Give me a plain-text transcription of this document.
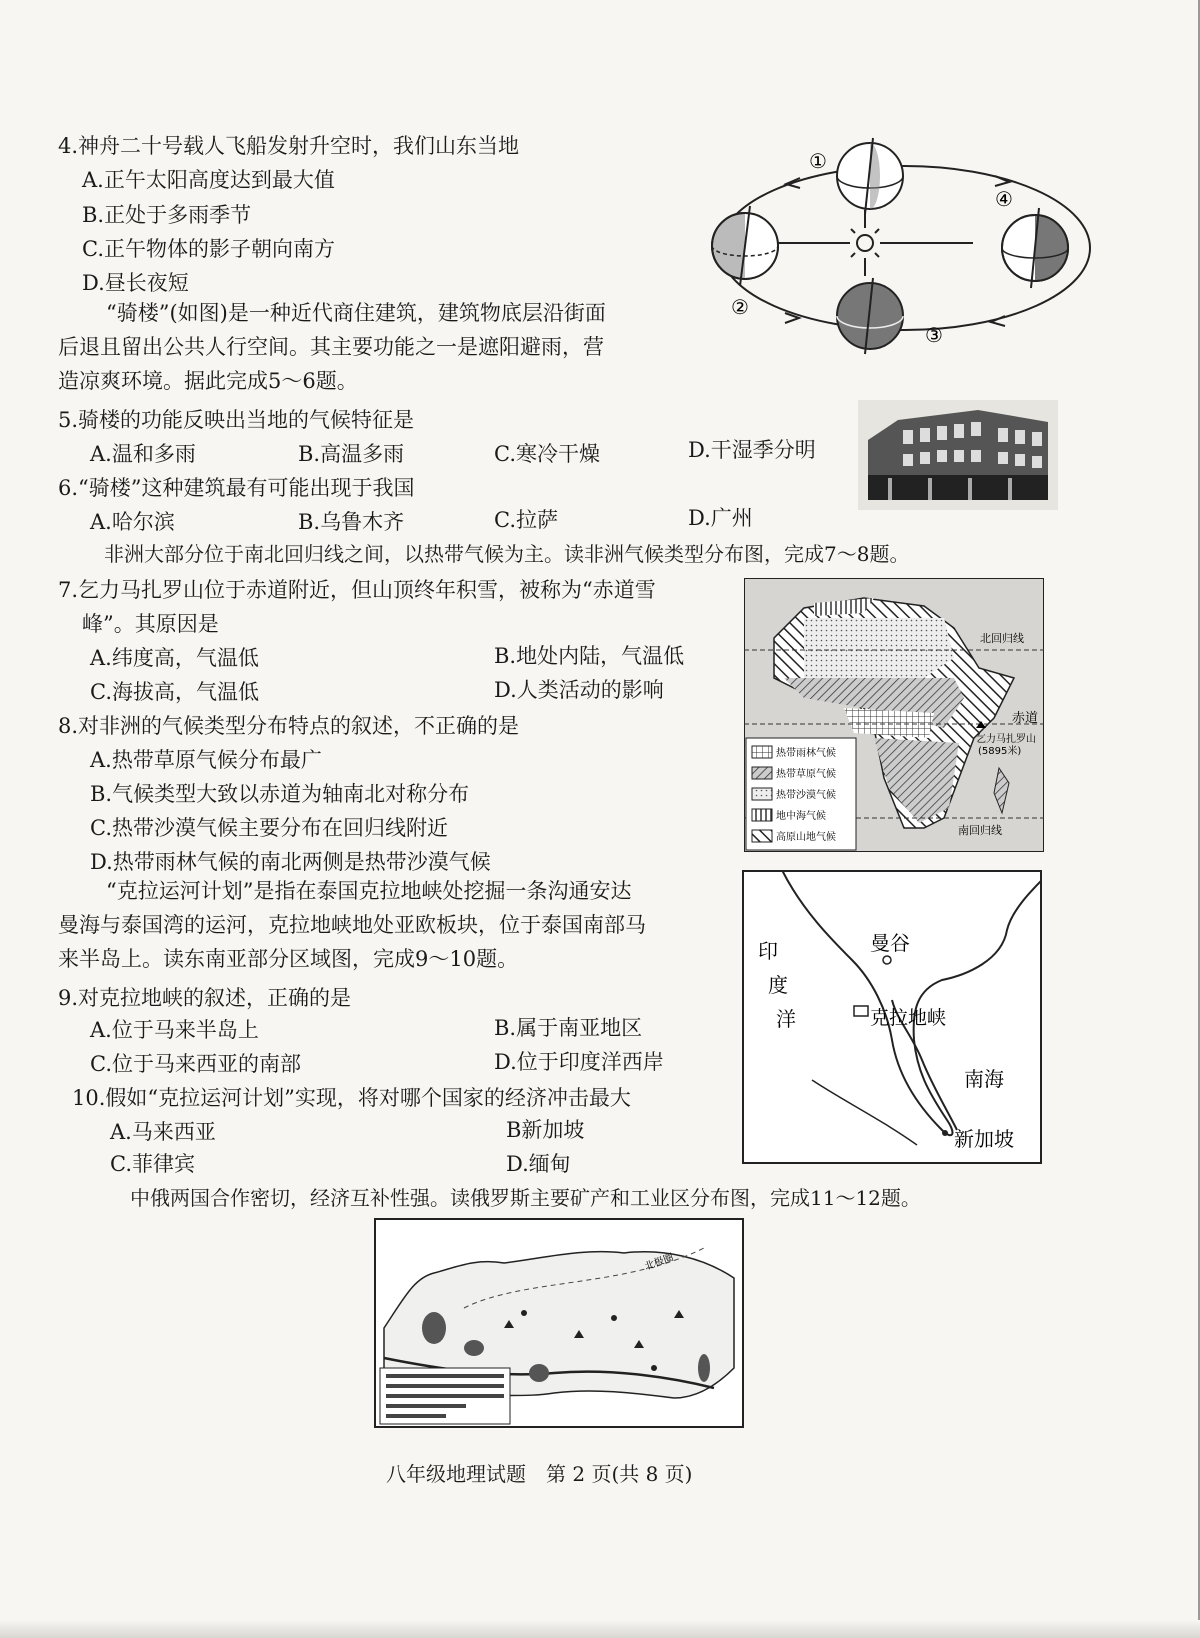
4.神舟二十号载人飞船发射升空时，我们山东当地
A.正午太阳高度达到最大值
B.正处于多雨季节
C.正午物体的影子朝向南方
D.昼长夜短
①
②
③
④
“骑楼”(如图)是一种近代商住建筑，建筑物底层沿街面
后退且留出公共人行空间。其主要功能之一是遮阳避雨，营
造凉爽环境。据此完成5～6题。
5.骑楼的功能反映出当地的气候特征是
A.温和多雨	B.高温多雨	C.寒冷干燥	D.干湿季分明
6.“骑楼”这种建筑最有可能出现于我国
A.哈尔滨	B.乌鲁木齐	C.拉萨	D.广州
非洲大部分位于南北回归线之间，以热带气候为主。读非洲气候类型分布图，完成7～8题。
7.乞力马扎罗山位于赤道附近，但山顶终年积雪，被称为“赤道雪
峰”。其原因是
A.纬度高，气温低	B.地处内陆，气温低
C.海拔高，气温低	D.人类活动的影响
8.对非洲的气候类型分布特点的叙述，不正确的是
A.热带草原气候分布最广
B.气候类型大致以赤道为轴南北对称分布
C.热带沙漠气候主要分布在回归线附近
D.热带雨林气候的南北两侧是热带沙漠气候
北回归线
赤道
乞力马扎罗山
(5895米)
南回归线
热带雨林气候
热带草原气候
热带沙漠气候
地中海气候
高原山地气候
“克拉运河计划”是指在泰国克拉地峡处挖掘一条沟通安达
曼海与泰国湾的运河，克拉地峡地处亚欧板块，位于泰国南部马
来半岛上。读东南亚部分区域图，完成9～10题。
9.对克拉地峡的叙述，正确的是
A.位于马来半岛上	B.属于南亚地区
C.位于马来西亚的南部	D.位于印度洋西岸
10.假如“克拉运河计划”实现，将对哪个国家的经济冲击最大
A.马来西亚	B新加坡
C.菲律宾	D.缅甸
印
度
洋
曼谷
克拉地峡
南海
新加坡
中俄两国合作密切，经济互补性强。读俄罗斯主要矿产和工业区分布图，完成11～12题。
北极圈
八年级地理试题　第 2 页(共 8 页)
